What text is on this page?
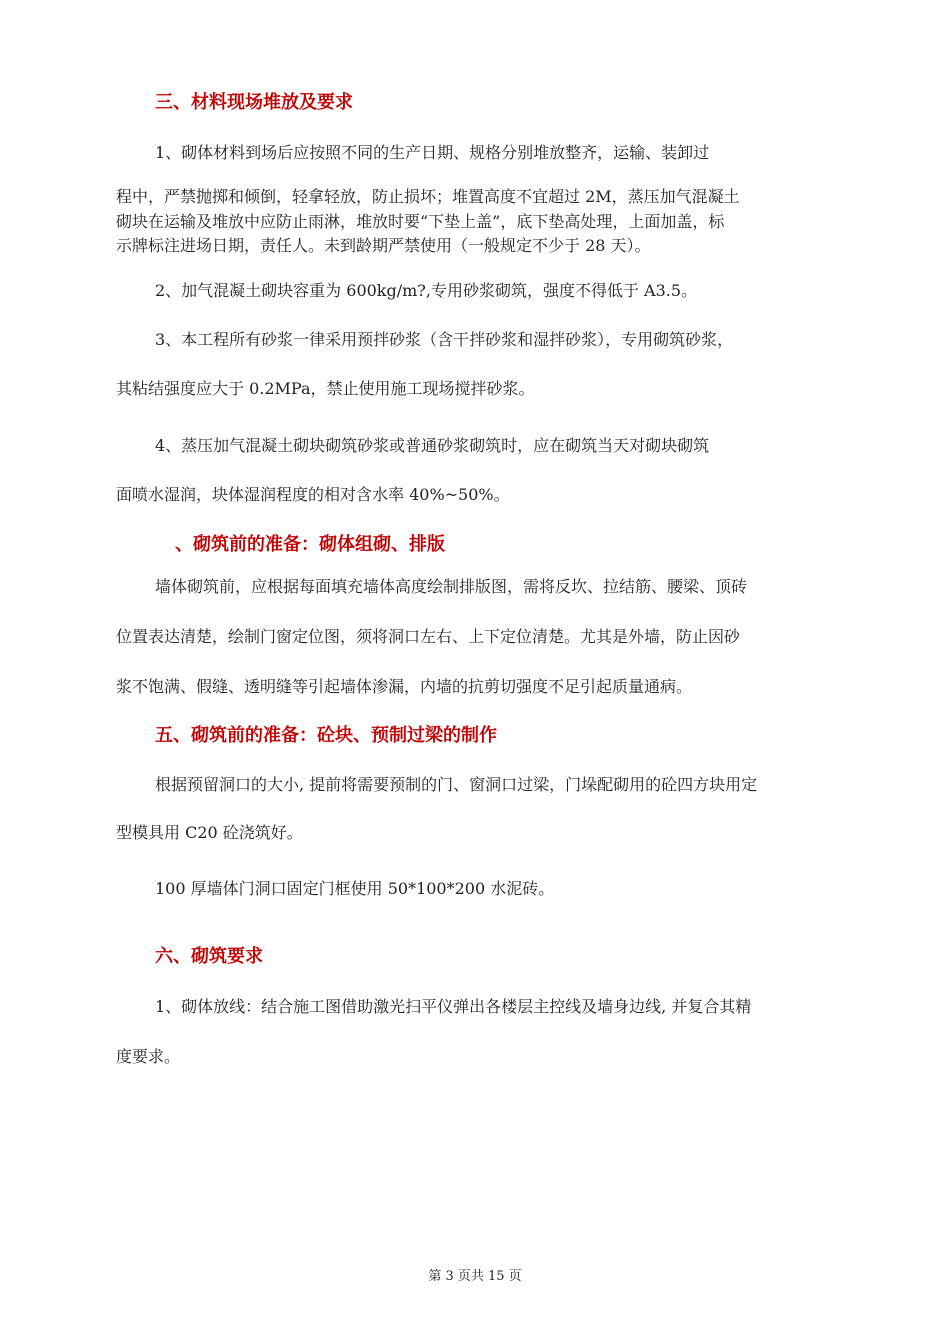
三、材料现场堆放及要求
1、砌体材料到场后应按照不同的生产日期、规格分别堆放整齐，运输、装卸过
程中，严禁抛掷和倾倒，轻拿轻放，防止损坏；堆置高度不宜超过 2M，蒸压加气混凝土
砌块在运输及堆放中应防止雨淋，堆放时要“下垫上盖”，底下垫高处理，上面加盖，标
示牌标注进场日期，责任人。未到龄期严禁使用（一般规定不少于 28 天）。
2、加气混凝土砌块容重为 600kg/m?,专用砂浆砌筑，强度不得低于 A3.5。
3、本工程所有砂浆一律采用预拌砂浆（含干拌砂浆和湿拌砂浆），专用砌筑砂浆，
其粘结强度应大于 0.2MPa，禁止使用施工现场搅拌砂浆。
4、蒸压加气混凝土砌块砌筑砂浆或普通砂浆砌筑时，应在砌筑当天对砌块砌筑
面喷水湿润，块体湿润程度的相对含水率 40%~50%。
、砌筑前的准备：砌体组砌、排版
墙体砌筑前，应根据每面填充墙体高度绘制排版图，需将反坎、拉结筋、腰梁、顶砖
位置表达清楚，绘制门窗定位图，须将洞口左右、上下定位清楚。尤其是外墙，防止因砂
浆不饱满、假缝、透明缝等引起墙体渗漏，内墙的抗剪切强度不足引起质量通病。
五、砌筑前的准备：砼块、预制过梁的制作
根据预留洞口的大小, 提前将需要预制的门、窗洞口过梁，门垛配砌用的砼四方块用定
型模具用 C20 砼浇筑好。
100 厚墙体门洞口固定门框使用 50*100*200 水泥砖。
六、砌筑要求
1、砌体放线：结合施工图借助激光扫平仪弹出各楼层主控线及墙身边线, 并复合其精
度要求。
第 3 页共 15 页
